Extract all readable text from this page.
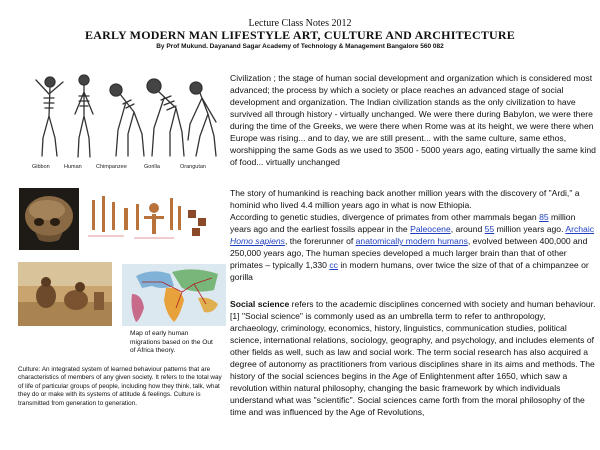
Lecture Class Notes 2012
EARLY MODERN MAN LIFESTYLE ART, CULTURE AND ARCHITECTURE
By Prof Mukund. Dayanand Sagar Academy of Technology & Management Bangalore 560 082
Gibbon	Human	Chimpanzee	Gorilla	Orangutan

Map of early human migrations based on the Out of Africa theory.

Culture: An integrated system of learned behaviour patterns that are characteristics of members of any given society. It refers to the total way of life of particular groups of people, including how they think, talk, what they do or make with its systems of attitude & feelings. Culture is transmitted from generation to generation.

Civilization ; the stage of human social development and organization which is considered most advanced; the process by which a society or place reaches an advanced stage of social development and organization. The Indian civilization stands as the only civilization to have survived all through history - virtually unchanged. We were there during Babylon, we were there during the time of the Greeks, we were there when Rome was at its height, we were there when Europe was rising... and to day, we are still present... with the same culture, same ethos, worshipping the same Gods as we used to 3500 - 5000 years ago, eating virtually the same kind of food... virtually unchanged

The story of humankind is reaching back another million years with the discovery of "Ardi," a hominid who lived 4.4 million years ago in what is now Ethiopia.

According to genetic studies, divergence of primates from other mammals began 85 million years ago and the earliest fossils appear in the Paleocene, around 55 million years ago. Archaic Homo sapiens, the forerunner of anatomically modern humans, evolved between 400,000 and 250,000 years ago, The human species developed a much larger brain than that of other primates – typically 1,330 cc in modern humans, over twice the size of that of a chimpanzee or gorilla

Social science refers to the academic disciplines concerned with society and human behaviour.[1] "Social science" is commonly used as an umbrella term to refer to anthropology, archaeology, criminology, economics, history, linguistics, communication studies, political science, international relations, sociology, geography, and psychology, and includes elements of other fields as well, such as law and social work. The term social research has also acquired a degree of autonomy as practitioners from various disciplines share in its aims and methods. The history of the social sciences begins in the Age of Enlightenment after 1650, which saw a revolution within natural philosophy, changing the basic framework by which individuals understand what was "scientific". Social sciences came forth from the moral philosophy of the time and was influenced by the Age of Revolutions,
